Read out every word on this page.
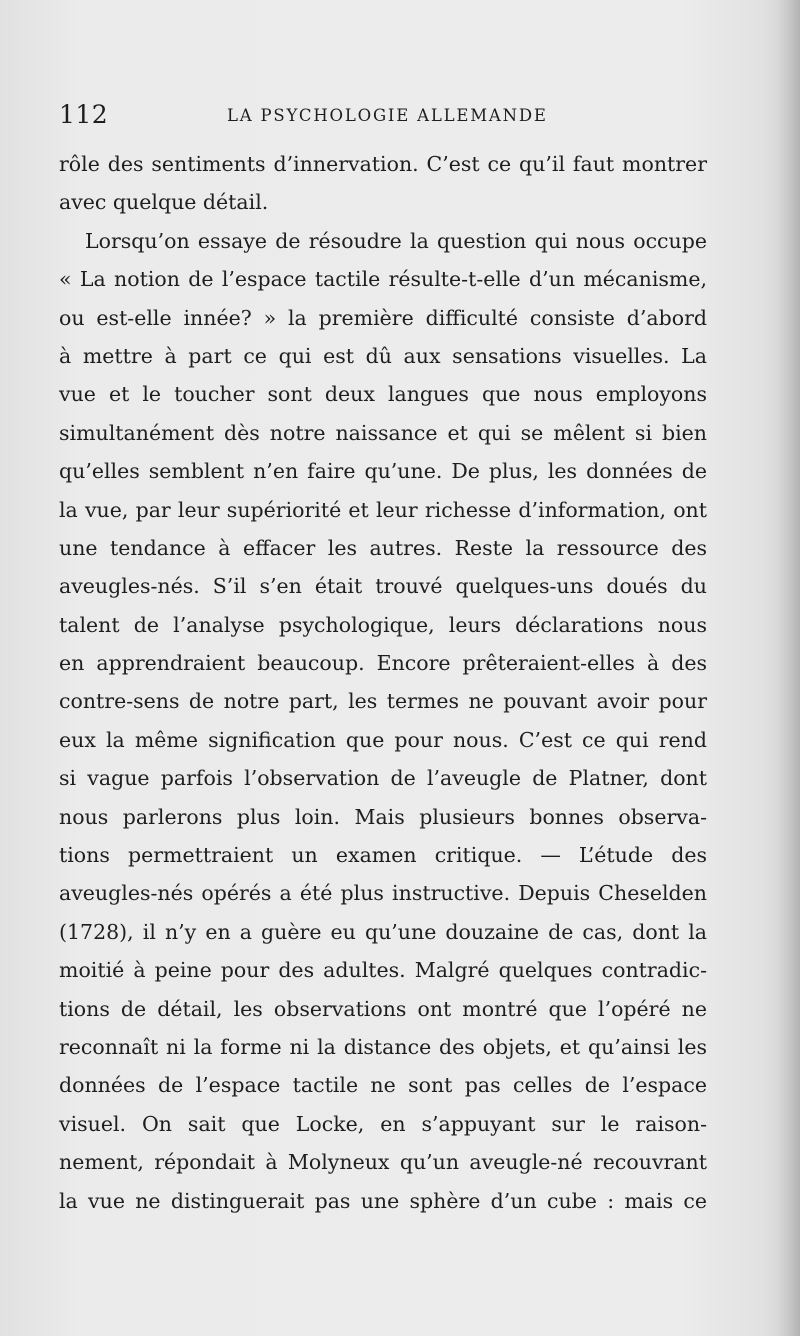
112	LA PSYCHOLOGIE ALLEMANDE
rôle des sentiments d’innervation. C’est ce qu’il faut montrer
avec quelque détail.
Lorsqu’on essaye de résoudre la question qui nous occupe
« La notion de l’espace tactile résulte-t-elle d’un mécanisme,
ou est-elle innée? » la première difficulté consiste d’abord
à mettre à part ce qui est dû aux sensations visuelles. La
vue et le toucher sont deux langues que nous employons
simultanément dès notre naissance et qui se mêlent si bien
qu’elles semblent n’en faire qu’une. De plus, les données de
la vue, par leur supériorité et leur richesse d’information, ont
une tendance à effacer les autres. Reste la ressource des
aveugles-nés. S’il s’en était trouvé quelques-uns doués du
talent de l’analyse psychologique, leurs déclarations nous
en apprendraient beaucoup. Encore prêteraient-elles à des
contre-sens de notre part, les termes ne pouvant avoir pour
eux la même signification que pour nous. C’est ce qui rend
si vague parfois l’observation de l’aveugle de Platner, dont
nous parlerons plus loin. Mais plusieurs bonnes observa-
tions permettraient un examen critique. — L’étude des
aveugles-nés opérés a été plus instructive. Depuis Cheselden
(1728), il n’y en a guère eu qu’une douzaine de cas, dont la
moitié à peine pour des adultes. Malgré quelques contradic-
tions de détail, les observations ont montré que l’opéré ne
reconnaît ni la forme ni la distance des objets, et qu’ainsi les
données de l’espace tactile ne sont pas celles de l’espace
visuel. On sait que Locke, en s’appuyant sur le raison-
nement, répondait à Molyneux qu’un aveugle-né recouvrant
la vue ne distinguerait pas une sphère d’un cube : mais ce
